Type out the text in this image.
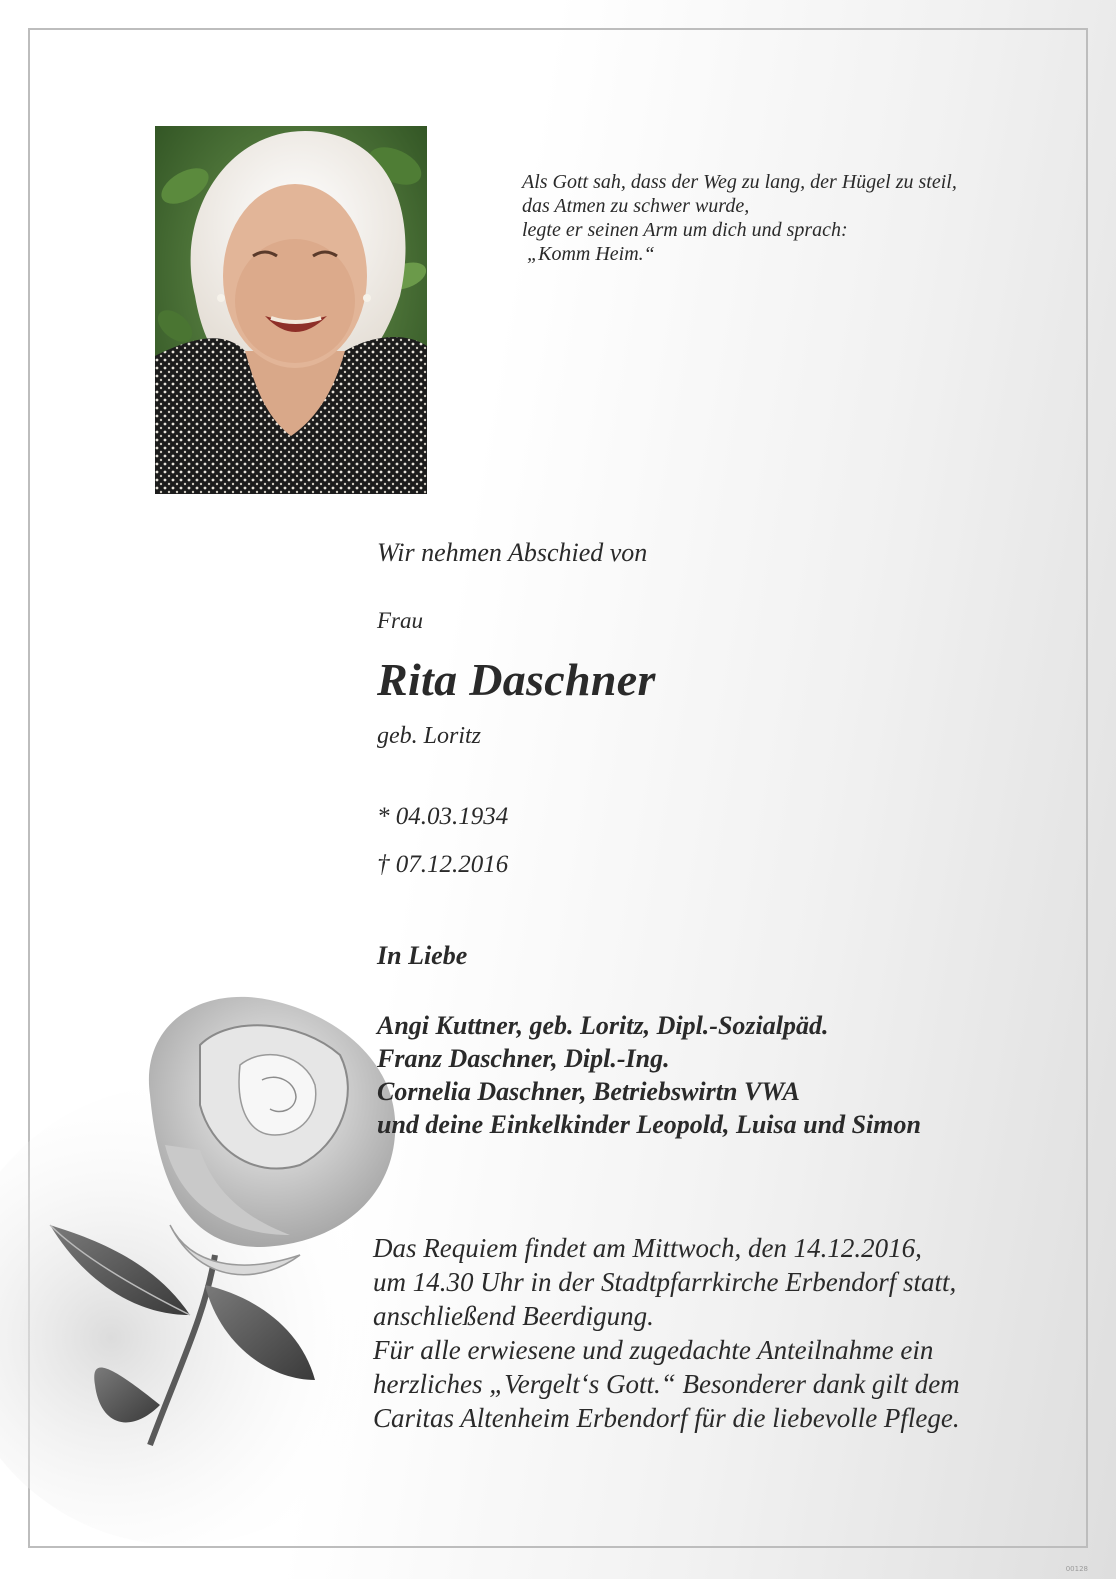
Als Gott sah, dass der Weg zu lang, der Hügel zu steil,
das Atmen zu schwer wurde,
legte er seinen Arm um dich und sprach:
„Komm Heim.“
Wir nehmen Abschied von
Frau
Rita Daschner
geb. Loritz
* 04.03.1934
† 07.12.2016
In Liebe
Angi Kuttner, geb. Loritz, Dipl.-Sozialpäd.
Franz Daschner, Dipl.-Ing.
Cornelia Daschner, Betriebswirtn VWA
und deine Einkelkinder Leopold, Luisa und Simon
Das Requiem findet am Mittwoch, den 14.12.2016,
um 14.30 Uhr in der Stadtpfarrkirche Erbendorf statt,
anschließend Beerdigung.
Für alle erwiesene und zugedachte Anteilnahme ein
herzliches „Vergelt‘s Gott.“ Besonderer dank gilt dem
Caritas Altenheim Erbendorf für die liebevolle Pflege.
00128
